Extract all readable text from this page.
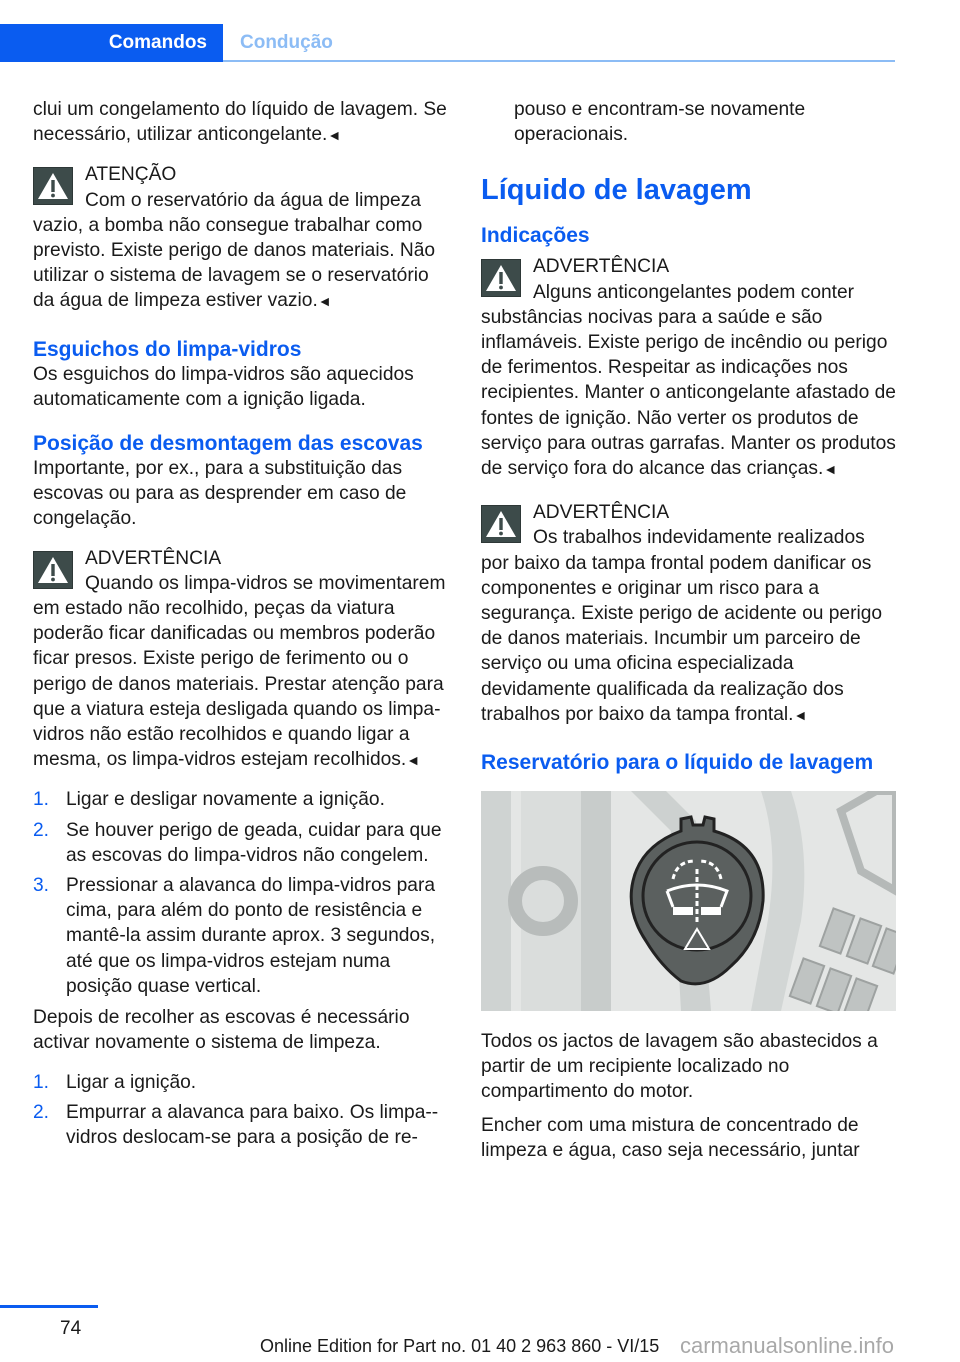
Comandos Condução

clui um congelamento do líquido de lavagem. Se necessário, utilizar anticongelante.◄

ATENÇÃO
Com o reservatório da água de limpeza vazio, a bomba não consegue trabalhar como previsto. Existe perigo de danos materiais. Não utilizar o sistema de lavagem se o reservatório da água de limpeza estiver vazio.◄
Esguichos do limpa-vidros

Os esguichos do limpa-vidros são aquecidos automaticamente com a ignição ligada.

Posição de desmontagem das escovas

Importante, por ex., para a substituição das escovas ou para as desprender em caso de congelação.

ADVERTÊNCIA
Quando os limpa-vidros se movimentarem em estado não recolhido, peças da viatura poderão ficar danificadas ou membros poderão ficar presos. Existe perigo de ferimento ou o perigo de danos materiais. Prestar atenção para que a viatura esteja desligada quando os limpa-vidros não estão recolhidos e quando ligar a mesma, os limpa-vidros estejam recolhidos.◄
1. Ligar e desligar novamente a ignição.
2. Se houver perigo de geada, cuidar para que as escovas do limpa-vidros não congelem.
3. Pressionar a alavanca do limpa-vidros para cima, para além do ponto de resistência e mantê-la assim durante aprox. 3 segundos, até que os limpa-vidros estejam numa posição quase vertical.

Depois de recolher as escovas é necessário activar novamente o sistema de limpeza.

1. Ligar a ignição.
2. Empurrar a alavanca para baixo. Os limpa--vidros deslocam-se para a posição de re-

pouso e encontram-se novamente operacionais.

Líquido de lavagem
Indicações
ADVERTÊNCIA
Alguns anticongelantes podem conter substâncias nocivas para a saúde e são inflamáveis. Existe perigo de incêndio ou perigo de ferimentos. Respeitar as indicações nos recipientes. Manter o anticongelante afastado de fontes de ignição. Não verter os produtos de serviço para outras garrafas. Manter os produtos de serviço fora do alcance das crianças.◄
ADVERTÊNCIA
Os trabalhos indevidamente realizados por baixo da tampa frontal podem danificar os componentes e originar um risco para a segurança. Existe perigo de acidente ou perigo de danos materiais. Incumbir um parceiro de serviço ou uma oficina especializada devidamente qualificada da realização dos trabalhos por baixo da tampa frontal.◄
Reservatório para o líquido de lavagem

Todos os jactos de lavagem são abastecidos a partir de um recipiente localizado no compartimento do motor.

Encher com uma mistura de concentrado de limpeza e água, caso seja necessário, juntar

74
Online Edition for Part no. 01 40 2 963 860 - VI/15 carmanualsonline.info
